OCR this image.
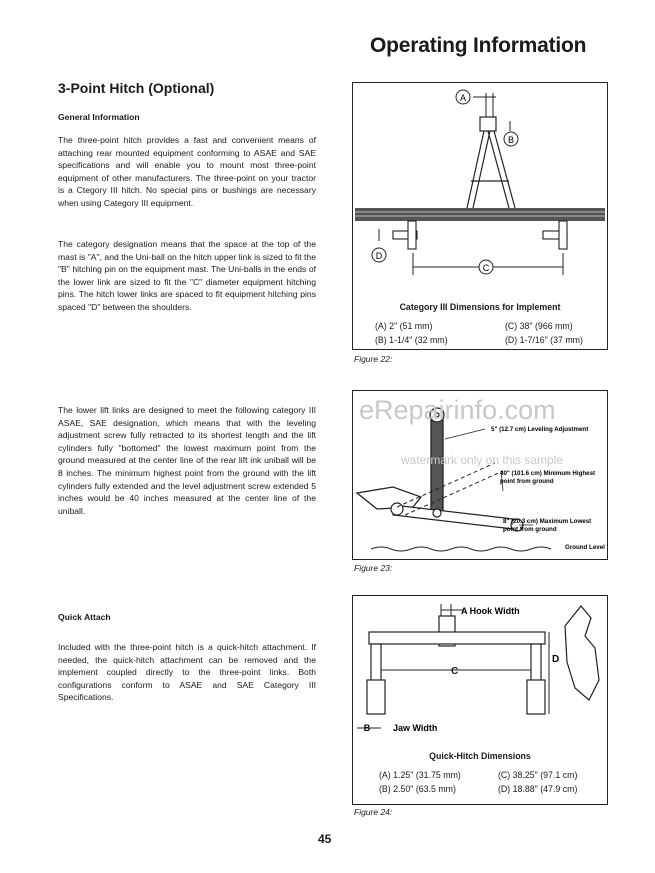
Operating Information
3-Point Hitch (Optional)
General Information
The three-point hitch provides a fast and convenient means of attaching rear mounted equipment conforming to ASAE and SAE specifications and will enable you to mount most three-point equipment of other manufacturers. The three-point on your tractor is a Ctegory III hitch. No special pins or bushings are necessary when using Category III equipment.
The category designation means that the space at the top of the mast is "A", and the Uni-ball on the hitch upper link is sized to fit the "B" hitching pin on the equipment mast. The Uni-balls in the ends of the lower link are sized to fit the "C" diameter equipment hitching pins. The hitch lower links are spaced to fit equipment hitching pins spaced "D" between the shoulders.
The lower lift links are designed to meet the following category III ASAE, SAE designation, which means that with the leveling adjustment screw fully retracted to its shortest length and the lift cylinders fully "bottomed" the lowest maximum point from the ground measured at the center line of the rear lift ink uniball will be 8 inches. The minimum highest point from the ground with the lift cylinders fully extended and the level adjustment screw extended 5 inches would be 40 inches measured at the center line of the uniball.
Quick Attach
Included with the three-point hitch is a quick-hitch attachment. If needed, the quick-hitch attachment can be removed and the implement coupled directly to the three-point links. Both configurations conform to ASAE and SAE Category III Specifications.
A
B
D
C
Category III Dimensions for Implement
(A) 2" (51 mm)	(C) 38" (966 mm)
(B) 1-1/4" (32 mm)	(D) 1-7/16" (37 mm)
Figure 22:
5" (12.7 cm) Leveling Adjustment
40" (101.6 cm) Minimum Highest
point from ground
8" (20.3 cm) Maximum Lowest
point from ground
Ground Level
eRepairinfo.com
watermark only on this sample
Figure 23:
A Hook Width
C
D
B	Jaw Width
Quick-Hitch Dimensions
(A) 1.25" (31.75 mm)	(C) 38.25" (97.1 cm)
(B) 2.50" (63.5 mm)	(D) 18.88" (47.9 cm)
Figure 24:
45
